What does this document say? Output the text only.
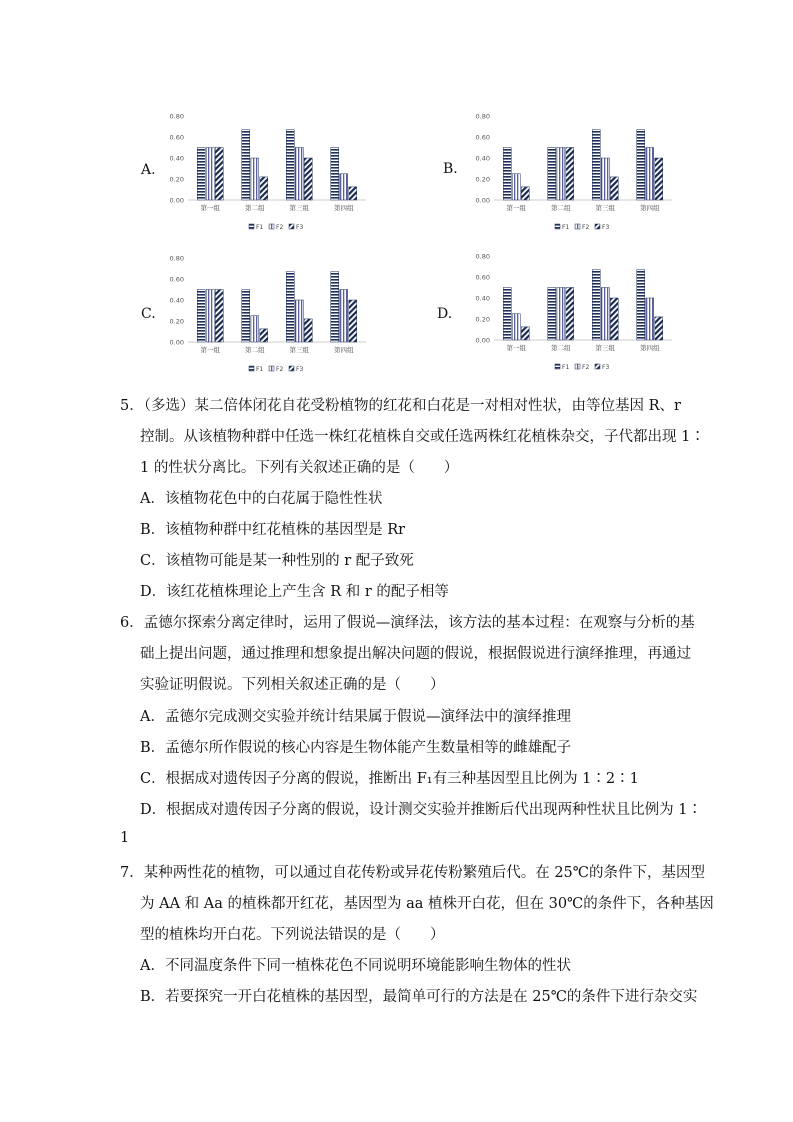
A.	B.
C.	D.
0.00
0.20
0.40
0.60
0.80
第一组	第二组	第三组	第四组
F1 F2 F3
0.00
0.20
0.40
0.60
0.80
第一组	第二组	第三组	第四组
F1 F2 F3
0.00
0.20
0.40
0.60
0.80
第一组	第二组	第三组	第四组
F1 F2 F3
0.00
0.20
0.40
0.60
0.80
第一组	第二组	第三组	第四组
F1 F2 F3
5．（多选）某二倍体闭花自花受粉植物的红花和白花是一对相对性状，由等位基因 R、r
控制。从该植物种群中任选一株红花植株自交或任选两株红花植株杂交，子代都出现 1∶
1 的性状分离比。下列有关叙述正确的是（　　）
A．该植物花色中的白花属于隐性性状
B．该植物种群中红花植株的基因型是 Rr
C．该植物可能是某一种性别的 r 配子致死
D．该红花植株理论上产生含 R 和 r 的配子相等
6．孟德尔探索分离定律时，运用了假说—演绎法，该方法的基本过程：在观察与分析的基
础上提出问题，通过推理和想象提出解决问题的假说，根据假说进行演绎推理，再通过
实验证明假说。下列相关叙述正确的是（　　）
A．孟德尔完成测交实验并统计结果属于假说—演绎法中的演绎推理
B．孟德尔所作假说的核心内容是生物体能产生数量相等的雌雄配子
C．根据成对遗传因子分离的假说，推断出 F₁有三种基因型且比例为 1∶2∶1
D．根据成对遗传因子分离的假说，设计测交实验并推断后代出现两种性状且比例为 1∶
1
7．某种两性花的植物，可以通过自花传粉或异花传粉繁殖后代。在 25℃的条件下，基因型
为 AA 和 Aa 的植株都开红花，基因型为 aa 植株开白花，但在 30℃的条件下，各种基因
型的植株均开白花。下列说法错误的是（　　）
A．不同温度条件下同一植株花色不同说明环境能影响生物体的性状
B．若要探究一开白花植株的基因型，最简单可行的方法是在 25℃的条件下进行杂交实
